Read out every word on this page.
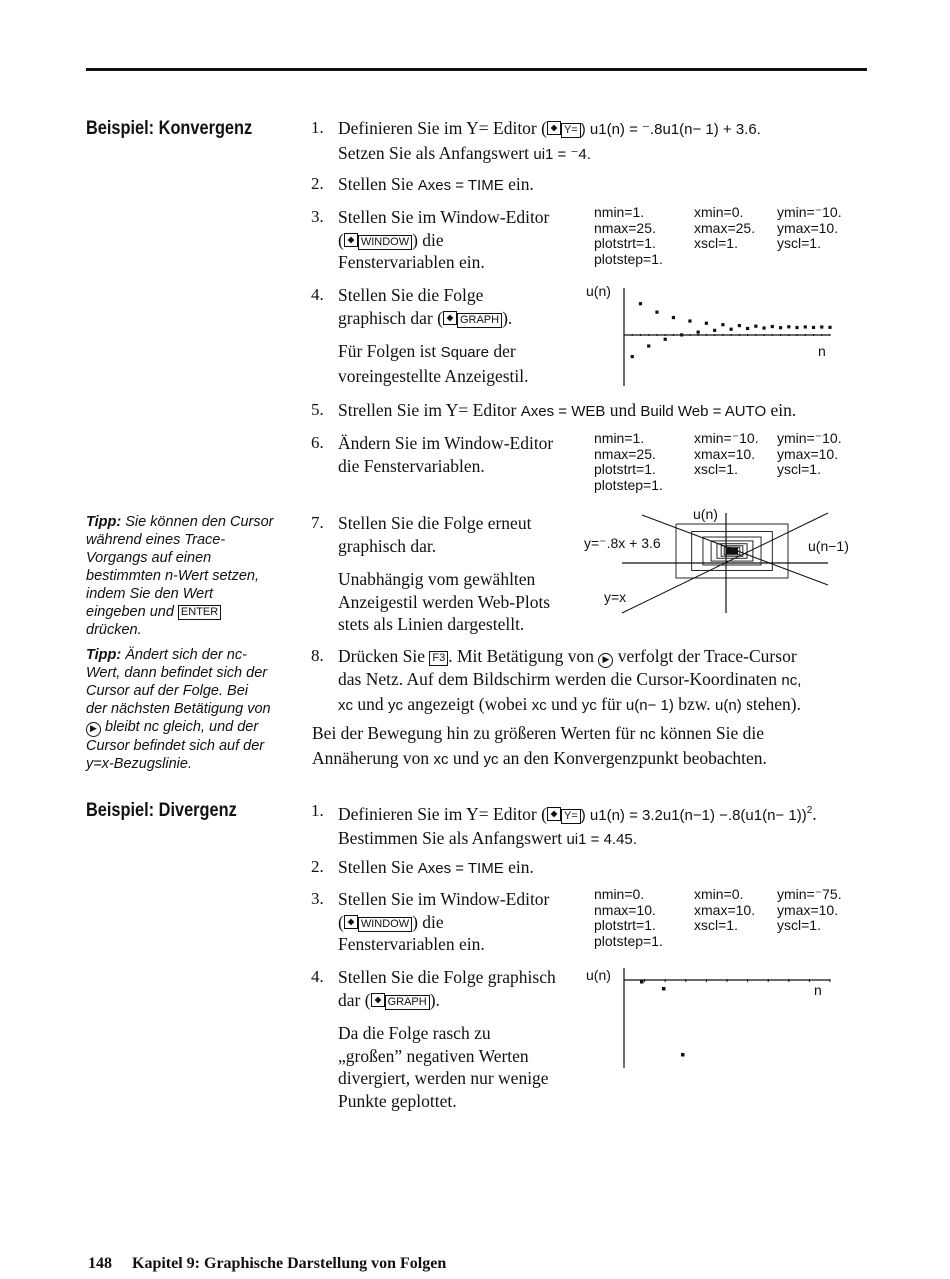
Beispiel: Konvergenz	1. Definieren Sie im Y= Editor ( Y= ) u1(n) = ⁻.8u1(n− 1) + 3.6.
Setzen Sie als Anfangswert ui1 = ⁻4.
2. Stellen Sie Axes = TIME ein.
3. Stellen Sie im Window-Editor
( WINDOW ) die
Fenstervariablen ein.
nmin=1.	xmin=0. ymin=⁻10.
nmax=25.	xmax=25. ymax=10.
plotstrt=1.	xscl=1.	yscl=1.
plotstep=1.
4. Stellen Sie die Folge
graphisch dar ( GRAPH ).
Für Folgen ist Square der
voreingestellte Anzeigestil.
u(n)
n
5. Strellen Sie im Y= Editor Axes = WEB und Build Web = AUTO ein.
6. Ändern Sie im Window-Editor
die Fenstervariablen.
nmin=1.	xmin=⁻10. ymin=⁻10.
nmax=25.	xmax=10. ymax=10.
plotstrt=1.	xscl=1.	yscl=1.
plotstep=1.
Tipp: Sie können den Cursor
während eines Trace-
Vorgangs auf einen
bestimmten n-Wert setzen,
indem Sie den Wert
eingeben und ENTER
drücken.
7. Stellen Sie die Folge erneut
graphisch dar.
Unabhängig vom gewählten
Anzeigestil werden Web-Plots
stets als Linien dargestellt.
u(n)
y=⁻.8x + 3.6	u(n−1)
y=x
Tipp: Ändert sich der nc-
Wert, dann befindet sich der
Cursor auf der Folge. Bei
der nächsten Betätigung von
▶ bleibt nc gleich, und der
Cursor befindet sich auf der
y=x-Bezugslinie.
8. Drücken Sie F3 . Mit Betätigung von ▶ verfolgt der Trace-Cursor
das Netz. Auf dem Bildschirm werden die Cursor-Koordinaten nc,
xc und yc angezeigt (wobei xc und yc für u(n− 1) bzw. u(n) stehen).
Bei der Bewegung hin zu größeren Werten für nc können Sie die
Annäherung von xc und yc an den Konvergenzpunkt beobachten.
Beispiel: Divergenz	1. Definieren Sie im Y= Editor ( Y= ) $u1(n) = 3.2u1(n-1) -.8(u1(n- 1))^2$.
Bestimmen Sie als Anfangswert ui1 = 4.45.
2. Stellen Sie Axes = TIME ein.
3. Stellen Sie im Window-Editor
( WINDOW ) die
Fenstervariablen ein.
nmin=0.	xmin=0. ymin=⁻75.
nmax=10.	xmax=10. ymax=10.
plotstrt=1.	xscl=1.	yscl=1.
plotstep=1.
4. Stellen Sie die Folge graphisch
dar ( GRAPH ).
Da die Folge rasch zu
„großen” negativen Werten
divergiert, werden nur wenige
Punkte geplottet.
u(n)
n
148 Kapitel 9: Graphische Darstellung von Folgen
